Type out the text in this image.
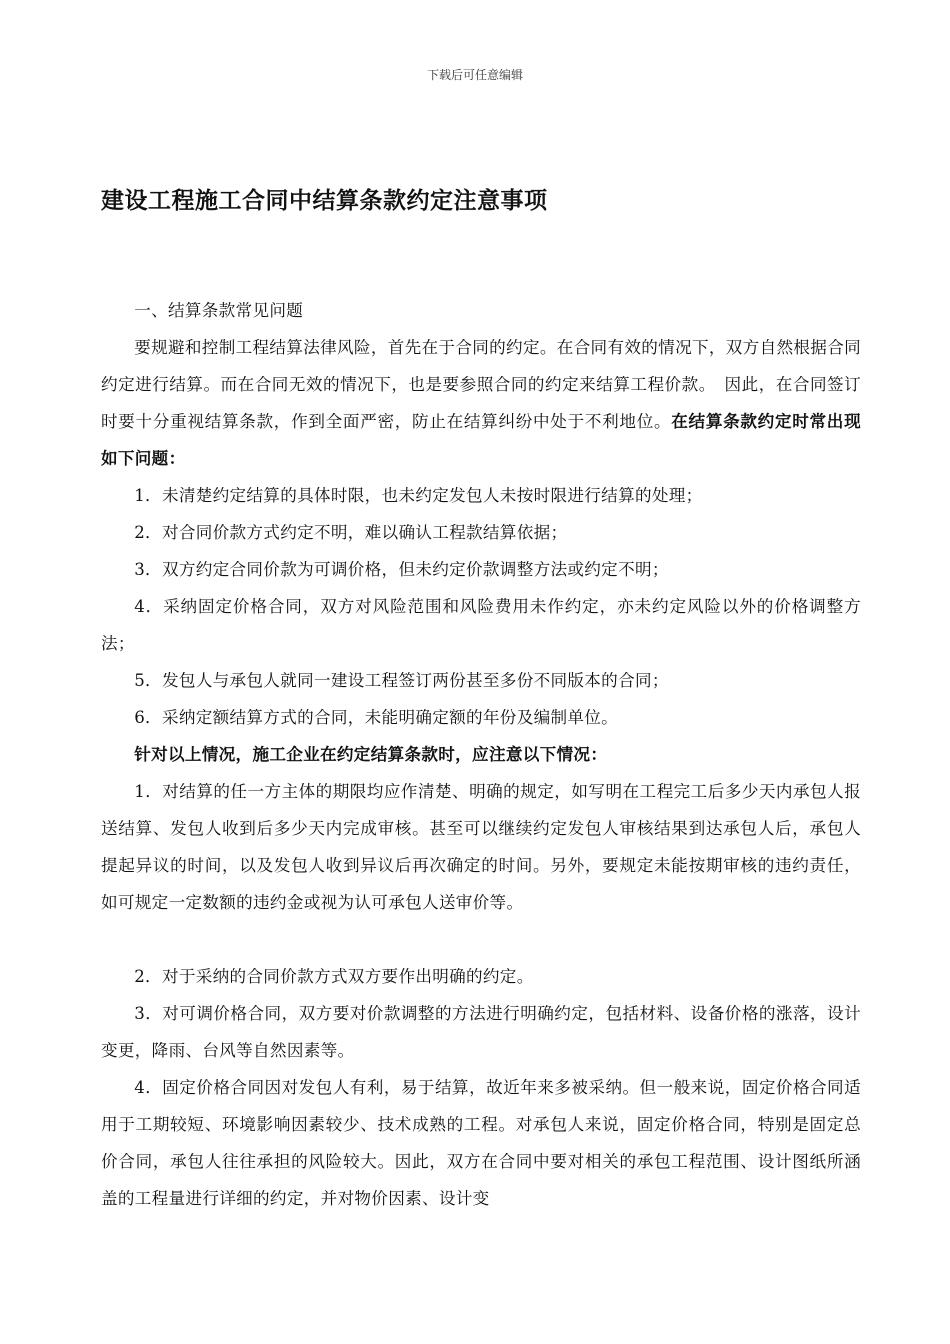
下载后可任意编辑
建设工程施工合同中结算条款约定注意事项

一、结算条款常见问题

要规避和控制工程结算法律风险，首先在于合同的约定。在合同有效的情况下，双方自然根据合同约定进行结算。而在合同无效的情况下，也是要参照合同的约定来结算工程价款。　因此，在合同签订时要十分重视结算条款，作到全面严密，防止在结算纠纷中处于不利地位。在结算条款约定时常出现如下问题：

1．未清楚约定结算的具体时限，也未约定发包人未按时限进行结算的处理；

2．对合同价款方式约定不明，难以确认工程款结算依据；

3．双方约定合同价款为可调价格，但未约定价款调整方法或约定不明；

4．采纳固定价格合同，双方对风险范围和风险费用未作约定，亦未约定风险以外的价格调整方法；

5．发包人与承包人就同一建设工程签订两份甚至多份不同版本的合同；

6．采纳定额结算方式的合同，未能明确定额的年份及编制单位。

针对以上情况，施工企业在约定结算条款时，应注意以下情况：

1．对结算的任一方主体的期限均应作清楚、明确的规定，如写明在工程完工后多少天内承包人报送结算、发包人收到后多少天内完成审核。甚至可以继续约定发包人审核结果到达承包人后，承包人提起异议的时间，以及发包人收到异议后再次确定的时间。另外，要规定未能按期审核的违约责任，如可规定一定数额的违约金或视为认可承包人送审价等。

2．对于采纳的合同价款方式双方要作出明确的约定。

3．对可调价格合同，双方要对价款调整的方法进行明确约定，包括材料、设备价格的涨落，设计变更，降雨、台风等自然因素等。

4．固定价格合同因对发包人有利，易于结算，故近年来多被采纳。但一般来说，固定价格合同适用于工期较短、环境影响因素较少、技术成熟的工程。对承包人来说，固定价格合同，特别是固定总价合同，承包人往往承担的风险较大。因此，双方在合同中要对相关的承包工程范围、设计图纸所涵盖的工程量进行详细的约定，并对物价因素、设计变
